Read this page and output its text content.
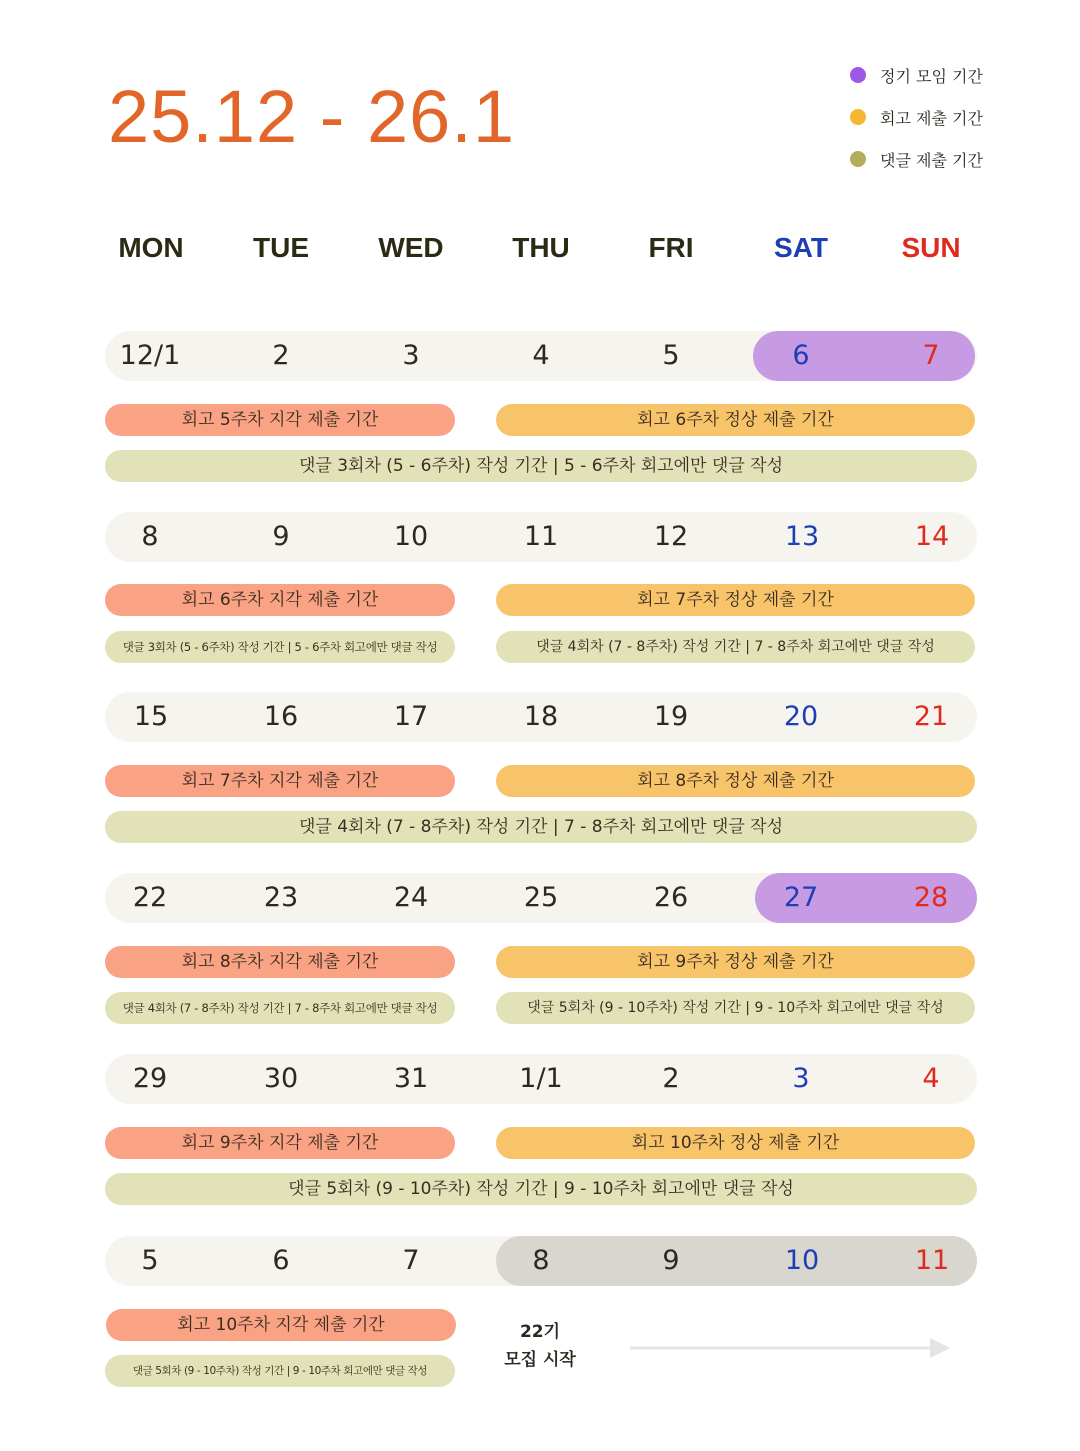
25.12 - 26.1	정기 모임 기간
회고 제출 기간
댓글 제출 기간
MON	TUE	WED	THU	FRI	SAT	SUN
12/1	2	3	4	5	6	7
회고 5주차 지각 제출 기간	회고 6주차 정상 제출 기간
댓글 3회차 (5 - 6주차) 작성 기간 | 5 - 6주차 회고에만 댓글 작성
8	9	10	11	12	13	14
회고 6주차 지각 제출 기간	회고 7주차 정상 제출 기간
댓글 3회차 (5 - 6주차) 작성 기간 | 5 - 6주차 회고에만 댓글 작성	댓글 4회차 (7 - 8주차) 작성 기간 | 7 - 8주차 회고에만 댓글 작성
15	16	17	18	19	20	21
회고 7주차 지각 제출 기간	회고 8주차 정상 제출 기간
댓글 4회차 (7 - 8주차) 작성 기간 | 7 - 8주차 회고에만 댓글 작성
22	23	24	25	26	27	28
회고 8주차 지각 제출 기간	회고 9주차 정상 제출 기간
댓글 4회차 (7 - 8주차) 작성 기간 | 7 - 8주차 회고에만 댓글 작성	댓글 5회차 (9 - 10주차) 작성 기간 | 9 - 10주차 회고에만 댓글 작성
29	30	31	1/1	2	3	4
회고 9주차 지각 제출 기간	회고 10주차 정상 제출 기간
댓글 5회차 (9 - 10주차) 작성 기간 | 9 - 10주차 회고에만 댓글 작성
5	6	7	8	9	10	11
회고 10주차 지각 제출 기간
댓글 5회차 (9 - 10주차) 작성 기간 | 9 - 10주차 회고에만 댓글 작성
22기
모집 시작
